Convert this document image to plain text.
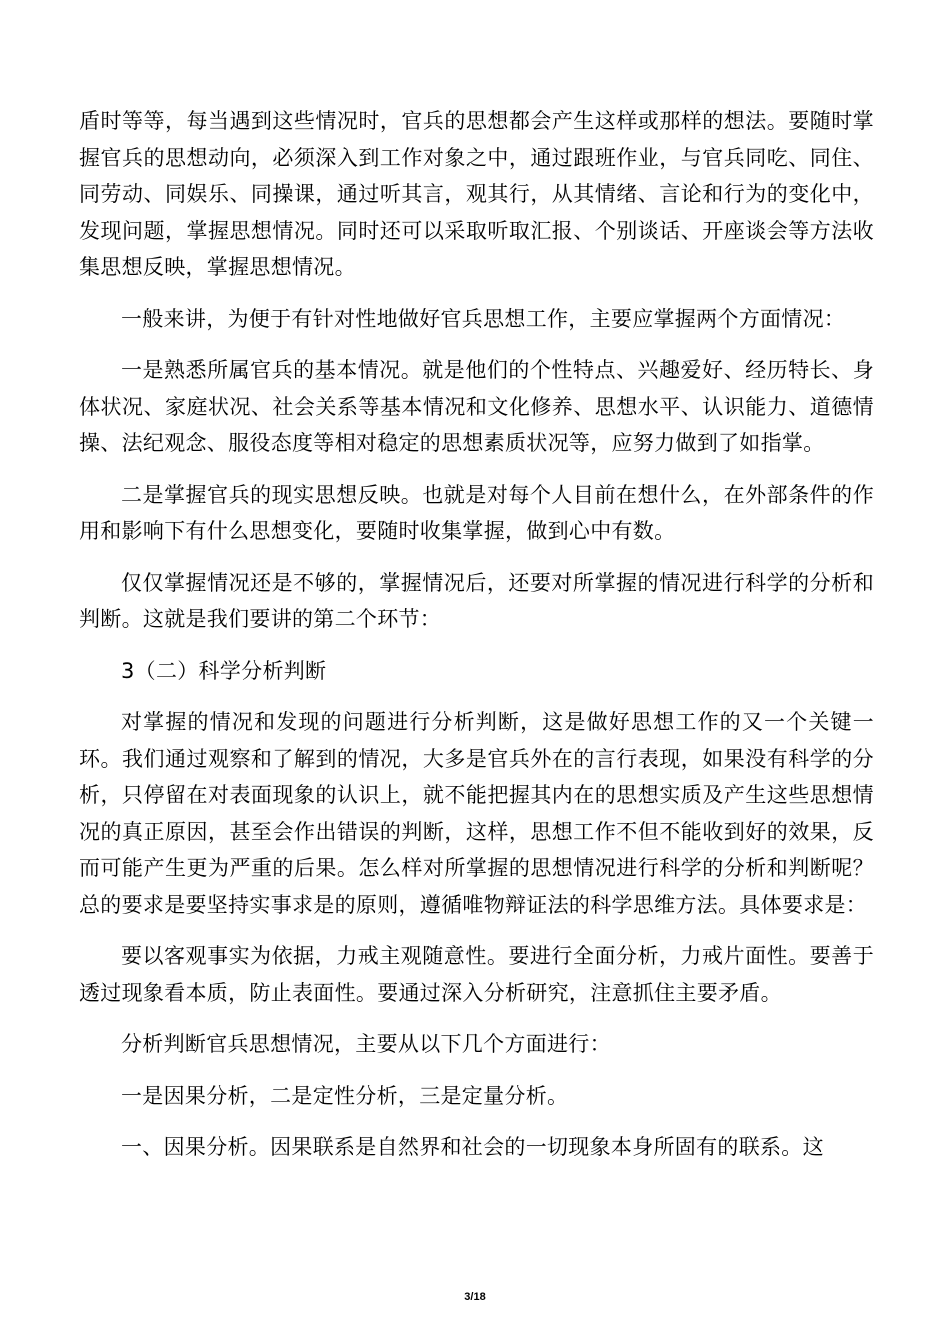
盾时等等，每当遇到这些情况时，官兵的思想都会产生这样或那样的想法。要随时掌握官兵的思想动向，必须深入到工作对象之中，通过跟班作业，与官兵同吃、同住、同劳动、同娱乐、同操课，通过听其言，观其行，从其情绪、言论和行为的变化中，发现问题，掌握思想情况。同时还可以采取听取汇报、个别谈话、开座谈会等方法收集思想反映，掌握思想情况。

一般来讲，为便于有针对性地做好官兵思想工作，主要应掌握两个方面情况：

一是熟悉所属官兵的基本情况。就是他们的个性特点、兴趣爱好、经历特长、身体状况、家庭状况、社会关系等基本情况和文化修养、思想水平、认识能力、道德情操、法纪观念、服役态度等相对稳定的思想素质状况等，应努力做到了如指掌。

二是掌握官兵的现实思想反映。也就是对每个人目前在想什么，在外部条件的作用和影响下有什么思想变化，要随时收集掌握，做到心中有数。

仅仅掌握情况还是不够的，掌握情况后，还要对所掌握的情况进行科学的分析和判断。这就是我们要讲的第二个环节：

3（二）科学分析判断

对掌握的情况和发现的问题进行分析判断，这是做好思想工作的又一个关键一环。我们通过观察和了解到的情况，大多是官兵外在的言行表现，如果没有科学的分析，只停留在对表面现象的认识上，就不能把握其内在的思想实质及产生这些思想情况的真正原因，甚至会作出错误的判断，这样，思想工作不但不能收到好的效果，反而可能产生更为严重的后果。怎么样对所掌握的思想情况进行科学的分析和判断呢？总的要求是要坚持实事求是的原则，遵循唯物辩证法的科学思维方法。具体要求是：

要以客观事实为依据，力戒主观随意性。要进行全面分析，力戒片面性。要善于透过现象看本质，防止表面性。要通过深入分析研究，注意抓住主要矛盾。

分析判断官兵思想情况，主要从以下几个方面进行：

一是因果分析，二是定性分析，三是定量分析。

一、因果分析。因果联系是自然界和社会的一切现象本身所固有的联系。这

3/18
